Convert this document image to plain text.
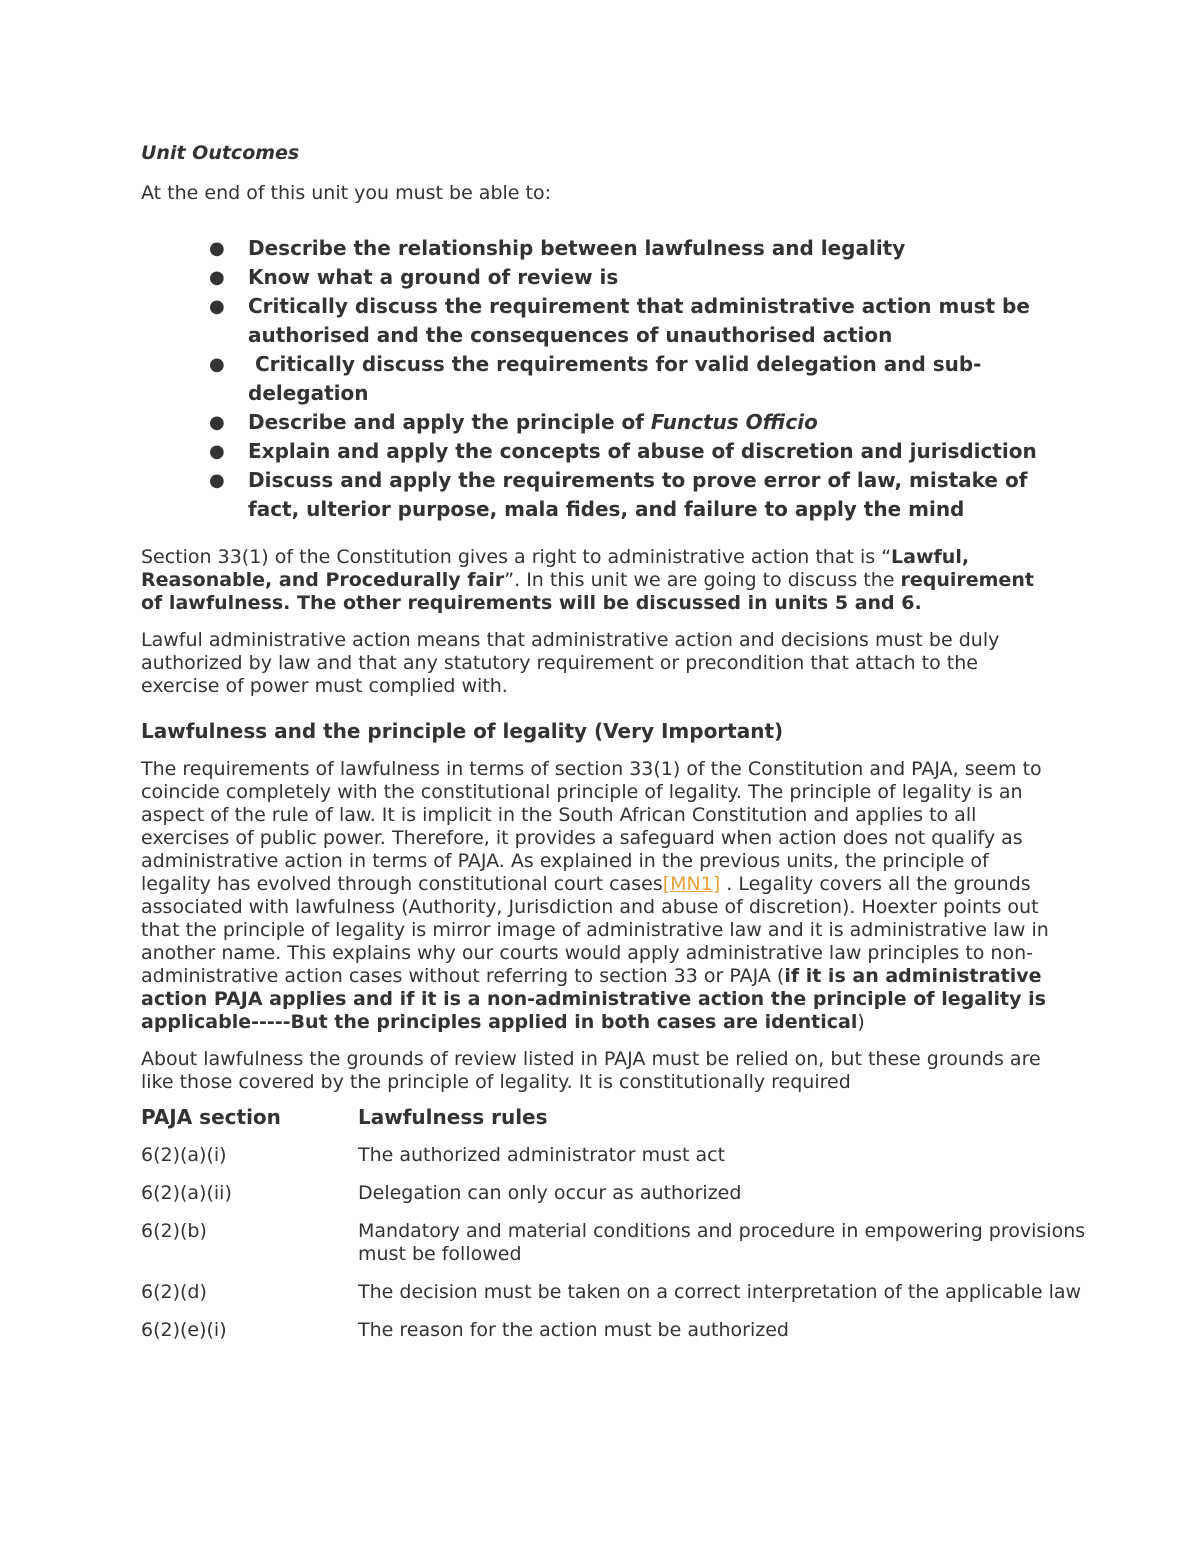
Unit Outcomes

At the end of this unit you must be able to:

● Describe the relationship between lawfulness and legality
● Know what a ground of review is
● Critically discuss the requirement that administrative action must be authorised and the consequences of unauthorised action
● Critically discuss the requirements for valid delegation and sub-delegation
● Describe and apply the principle of Functus Officio
● Explain and apply the concepts of abuse of discretion and jurisdiction
● Discuss and apply the requirements to prove error of law, mistake of fact, ulterior purpose, mala fides, and failure to apply the mind

Section 33(1) of the Constitution gives a right to administrative action that is “Lawful, Reasonable, and Procedurally fair”. In this unit we are going to discuss the requirement of lawfulness. The other requirements will be discussed in units 5 and 6.

Lawful administrative action means that administrative action and decisions must be duly authorized by law and that any statutory requirement or precondition that attach to the exercise of power must complied with.

Lawfulness and the principle of legality (Very Important)

The requirements of lawfulness in terms of section 33(1) of the Constitution and PAJA, seem to coincide completely with the constitutional principle of legality. The principle of legality is an aspect of the rule of law. It is implicit in the South African Constitution and applies to all exercises of public power. Therefore, it provides a safeguard when action does not qualify as administrative action in terms of PAJA. As explained in the previous units, the principle of legality has evolved through constitutional court cases[MN1] . Legality covers all the grounds associated with lawfulness (Authority, Jurisdiction and abuse of discretion). Hoexter points out that the principle of legality is mirror image of administrative law and it is administrative law in another name. This explains why our courts would apply administrative law principles to non-administrative action cases without referring to section 33 or PAJA (if it is an administrative action PAJA applies and if it is a non-administrative action the principle of legality is applicable-----But the principles applied in both cases are identical)

About lawfulness the grounds of review listed in PAJA must be relied on, but these grounds are like those covered by the principle of legality. It is constitutionally required

PAJA section	Lawfulness rules
6(2)(a)(i)	The authorized administrator must act
6(2)(a)(ii)	Delegation can only occur as authorized
6(2)(b)	Mandatory and material conditions and procedure in empowering provisions must be followed
6(2)(d)	The decision must be taken on a correct interpretation of the applicable law
6(2)(e)(i)	The reason for the action must be authorized
